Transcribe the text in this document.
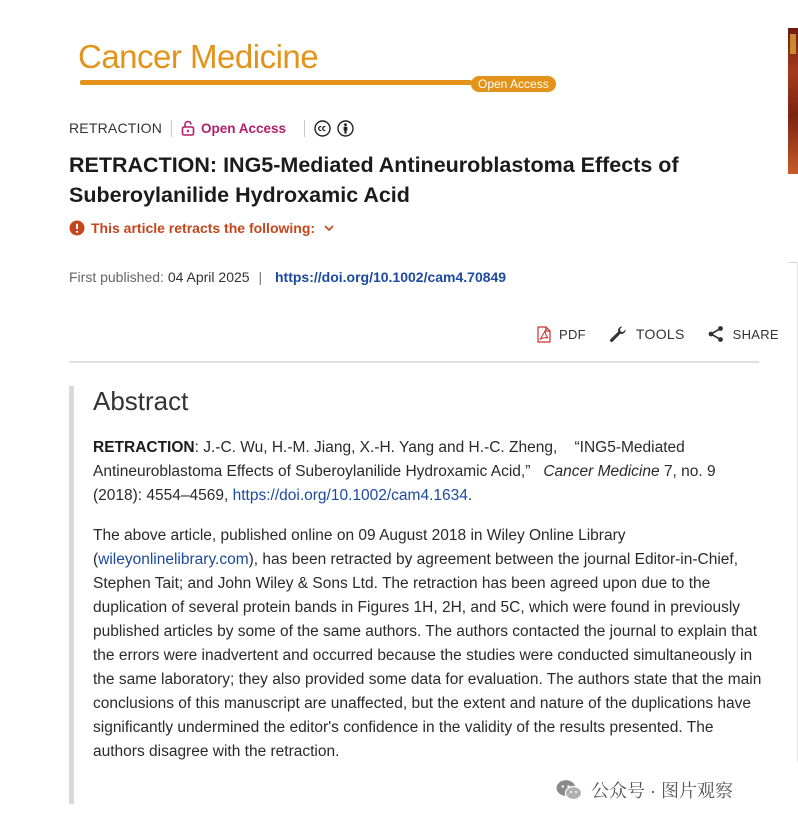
Cancer Medicine
Open Access
RETRACTION	Open Access
RETRACTION: ING5-Mediated Antineuroblastoma Effects of Suberoylanilide Hydroxamic Acid
This article retracts the following:
First published: 04 April 2025 | https://doi.org/10.1002/cam4.70849
PDF	TOOLS	SHARE
Abstract
RETRACTION: J.-C. Wu, H.-M. Jiang, X.-H. Yang and H.-C. Zheng, “ING5-Mediated Antineuroblastoma Effects of Suberoylanilide Hydroxamic Acid,” Cancer Medicine 7, no. 9 (2018): 4554–4569, https://doi.org/10.1002/cam4.1634.
The above article, published online on 09 August 2018 in Wiley Online Library (wileyonlinelibrary.com), has been retracted by agreement between the journal Editor-in-Chief, Stephen Tait; and John Wiley & Sons Ltd. The retraction has been agreed upon due to the duplication of several protein bands in Figures 1H, 2H, and 5C, which were found in previously published articles by some of the same authors. The authors contacted the journal to explain that the errors were inadvertent and occurred because the studies were conducted simultaneously in the same laboratory; they also provided some data for evaluation. The authors state that the main conclusions of this manuscript are unaffected, but the extent and nature of the duplications have significantly undermined the editor's confidence in the validity of the results presented. The authors disagree with the retraction.
公众号 · 图片观察
